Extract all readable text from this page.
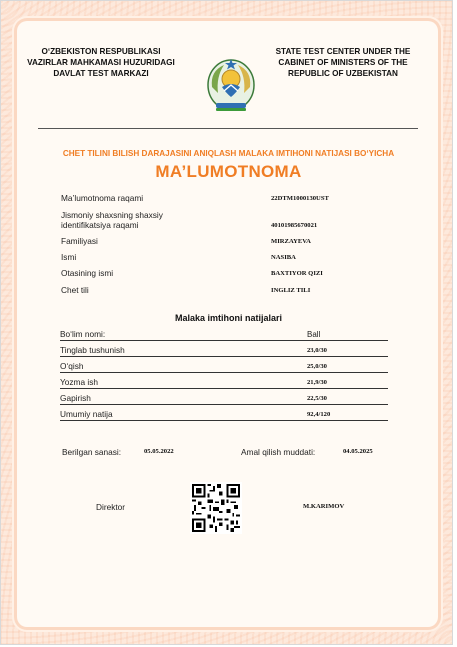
O‘ZBEKISTON RESPUBLIKASI
VAZIRLAR MAHKAMASI HUZURIDAGI
DAVLAT TEST MARKAZI
STATE TEST CENTER UNDER THE
CABINET OF MINISTERS OF THE
REPUBLIC OF UZBEKISTAN
CHET TILINI BILISH DARAJASINI ANIQLASH MALAKA IMTIHONI NATIJASI BO‘YICHA
MA’LUMOTNOMA
Ma’lumotnoma raqami	22DTM1000130UST
Jismoniy shaxsning shaxsiy identifikatsiya raqami	40101985670021
Familiyasi	MIRZAYEVA
Ismi	NASIBA
Otasining ismi	BAXTIYOR QIZI
Chet tili	INGLIZ TILI
Malaka imtihoni natijalari
Bo‘lim nomi:	Ball
Tinglab tushunish	23,0/30
O‘qish	25,0/30
Yozma ish	21,9/30
Gapirish	22,5/30
Umumiy natija	92,4/120
Berilgan sanasi:	05.05.2022	Amal qilish muddati:	04.05.2025
Direktor	M.KARIMOV
